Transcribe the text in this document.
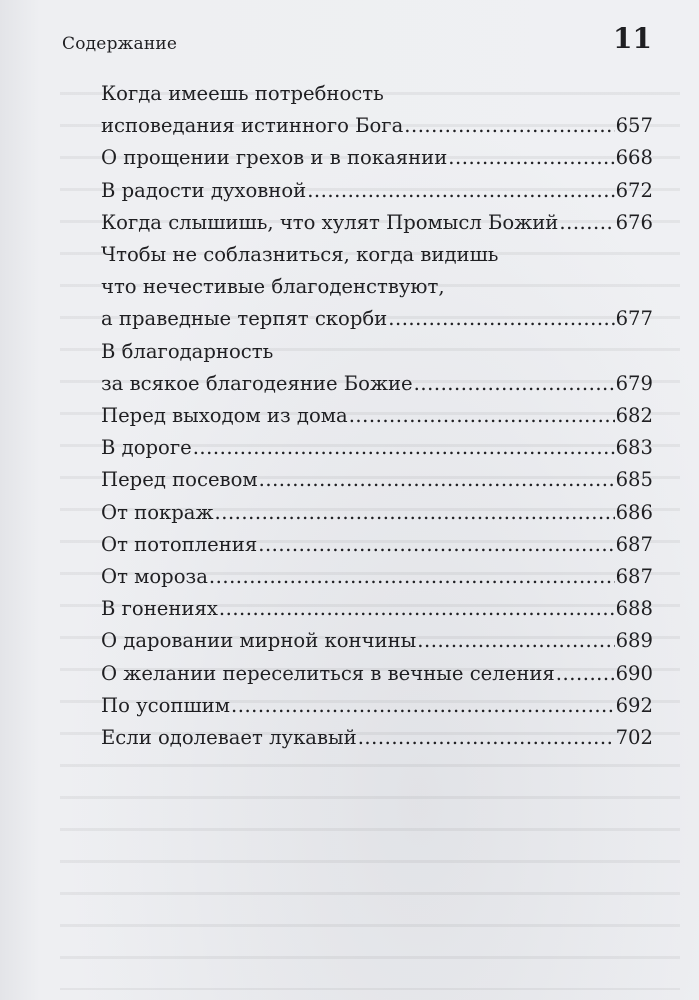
Содержание	11
Когда имеешь потребность
исповедания истинного Бога .....	657
О прощении грехов и в покаянии .....	668
В радости духовной .....	672
Когда слышишь, что хулят Промысл Божий .....	676
Чтобы не соблазниться, когда видишь
что нечестивые благоденствуют,
а праведные терпят скорби .....	677
В благодарность
за всякое благодеяние Божие .....	679
Перед выходом из дома .....	682
В дороге .....	683
Перед посевом .....	685
От покраж .....	686
От потопления .....	687
От мороза .....	687
В гонениях .....	688
О даровании мирной кончины .....	689
О желании переселиться в вечные селения .....	690
По усопшим .....	692
Если одолевает лукавый .....	702
